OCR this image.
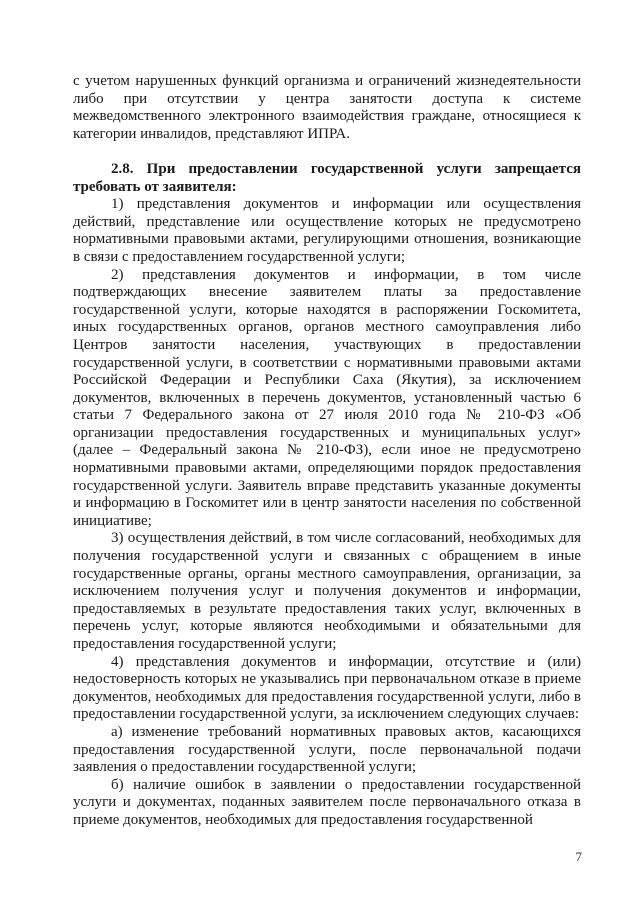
с учетом нарушенных функций организма и ограничений жизнедеятельности либо при отсутствии у центра занятости доступа к системе межведомственного электронного взаимодействия граждане, относящиеся к категории инвалидов, представляют ИПРА.

2.8. При предоставлении государственной услуги запрещается требовать от заявителя:

1) представления документов и информации или осуществления действий, представление или осуществление которых не предусмотрено нормативными правовыми актами, регулирующими отношения, возникающие в связи с предоставлением государственной услуги;

2) представления документов и информации, в том числе подтверждающих внесение заявителем платы за предоставление государственной услуги, которые находятся в распоряжении Госкомитета, иных государственных органов, органов местного самоуправления либо Центров занятости населения, участвующих в предоставлении государственной услуги, в соответствии с нормативными правовыми актами Российской Федерации и Республики Саха (Якутия), за исключением документов, включенных в перечень документов, установленный частью 6 статьи 7 Федерального закона от 27 июля 2010 года № 210-ФЗ «Об организации предоставления государственных и муниципальных услуг» (далее – Федеральный закона № 210-ФЗ), если иное не предусмотрено нормативными правовыми актами, определяющими порядок предоставления государственной услуги. Заявитель вправе представить указанные документы и информацию в Госкомитет или в центр занятости населения по собственной инициативе;

3) осуществления действий, в том числе согласований, необходимых для получения государственной услуги и связанных с обращением в иные государственные органы, органы местного самоуправления, организации, за исключением получения услуг и получения документов и информации, предоставляемых в результате предоставления таких услуг, включенных в перечень услуг, которые являются необходимыми и обязательными для предоставления государственной услуги;

4) представления документов и информации, отсутствие и (или) недостоверность которых не указывались при первоначальном отказе в приеме документов, необходимых для предоставления государственной услуги, либо в предоставлении государственной услуги, за исключением следующих случаев:

а) изменение требований нормативных правовых актов, касающихся предоставления государственной услуги, после первоначальной подачи заявления о предоставлении государственной услуги;

б) наличие ошибок в заявлении о предоставлении государственной услуги и документах, поданных заявителем после первоначального отказа в приеме документов, необходимых для предоставления государственной

7
